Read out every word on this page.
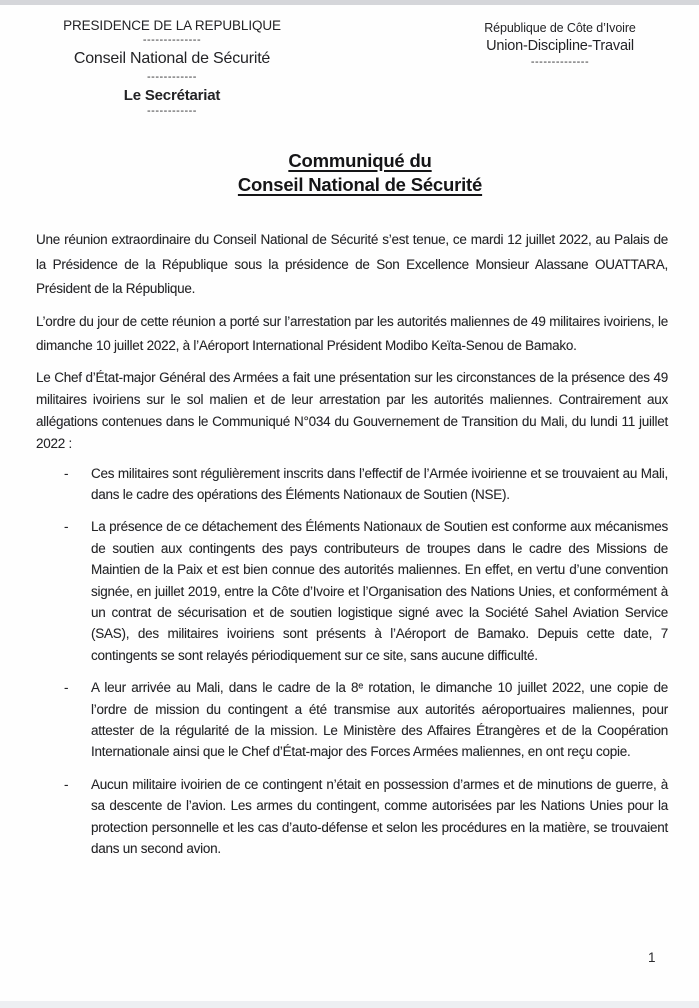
PRESIDENCE DE LA REPUBLIQUE
--------------
Conseil National de Sécurité
------------
Le Secrétariat
------------
République de Côte d’Ivoire
Union-Discipline-Travail
--------------
Communiqué du
Conseil National de Sécurité

Une réunion extraordinaire du Conseil National de Sécurité s’est tenue, ce mardi 12 juillet 2022, au Palais de la Présidence de la République sous la présidence de Son Excellence Monsieur Alassane OUATTARA, Président de la République.

L’ordre du jour de cette réunion a porté sur l’arrestation par les autorités maliennes de 49 militaires ivoiriens, le dimanche 10 juillet 2022, à l’Aéroport International Président Modibo Keïta-Senou de Bamako.

Le Chef d’État-major Général des Armées a fait une présentation sur les circonstances de la présence des 49 militaires ivoiriens sur le sol malien et de leur arrestation par les autorités maliennes. Contrairement aux allégations contenues dans le Communiqué N°034 du Gouvernement de Transition du Mali, du lundi 11 juillet 2022 :

-	Ces militaires sont régulièrement inscrits dans l’effectif de l’Armée ivoirienne et se trouvaient au Mali, dans le cadre des opérations des Éléments Nationaux de Soutien (NSE).
-	La présence de ce détachement des Éléments Nationaux de Soutien est conforme aux mécanismes de soutien aux contingents des pays contributeurs de troupes dans le cadre des Missions de Maintien de la Paix et est bien connue des autorités maliennes. En effet, en vertu d’une convention signée, en juillet 2019, entre la Côte d’Ivoire et l’Organisation des Nations Unies, et conformément à un contrat de sécurisation et de soutien logistique signé avec la Société Sahel Aviation Service (SAS), des militaires ivoiriens sont présents à l’Aéroport de Bamako. Depuis cette date, 7 contingents se sont relayés périodiquement sur ce site, sans aucune difficulté.
-	A leur arrivée au Mali, dans le cadre de la 8ᵉ rotation, le dimanche 10 juillet 2022, une copie de l’ordre de mission du contingent a été transmise aux autorités aéroportuaires maliennes, pour attester de la régularité de la mission. Le Ministère des Affaires Étrangères et de la Coopération Internationale ainsi que le Chef d’État-major des Forces Armées maliennes, en ont reçu copie.
-	Aucun militaire ivoirien de ce contingent n’était en possession d’armes et de minutions de guerre, à sa descente de l’avion. Les armes du contingent, comme autorisées par les Nations Unies pour la protection personnelle et les cas d’auto-défense et selon les procédures en la matière, se trouvaient dans un second avion.
1
